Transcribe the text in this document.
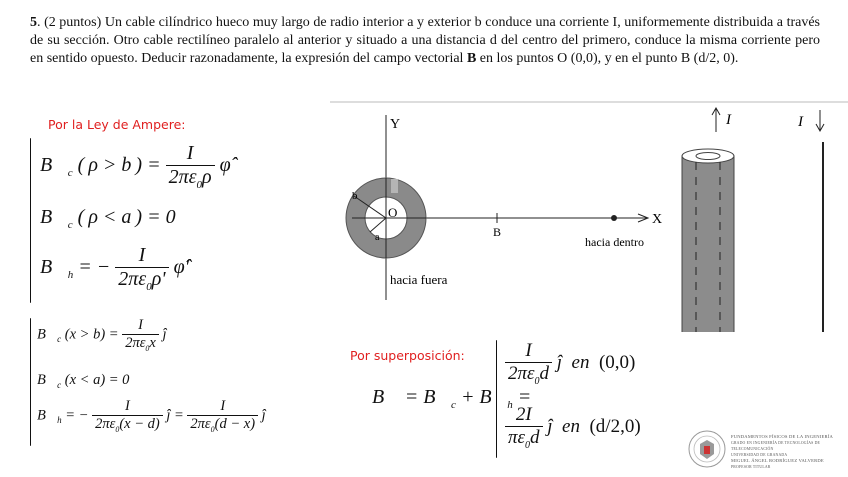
5. (2 puntos) Un cable cilíndrico hueco muy largo de radio interior a y exterior b conduce una corriente I, uniformemente distribuida a través de su sección. Otro cable rectilíneo paralelo al anterior y situado a una distancia d del centro del primero, conduce la misma corriente pero en sentido opuesto. Deducir razonadamente, la expresión del campo vectorial B en los puntos O (0,0), y en el punto B (d/2, 0).
Por la Ley de Ampere:
$B⃗_c$ ( ρ > b ) = $\frac{I}{2\pi\varepsilon_0\rho}$ φ̂
$B⃗_c$ ( ρ < a ) = 0⃗
$B⃗_h$ = − $\frac{I}{2\pi\varepsilon_0\rho'}$ φ̂'
$B⃗_c$ $(x > b) = \frac{I}{2\pi\varepsilon_0x}$ ĵ
$B⃗_c$ (x < a) = 0⃗
$B⃗_h$ = − $\frac{I}{2\pi\varepsilon_0(x - d)}$ ĵ = $\frac{I}{2\pi\varepsilon_0(d - x)}$ ĵ
Por superposición:
B⃗ = $B⃗_c$ + $B⃗_h$ =
$\frac{I}{2\pi\varepsilon_0d}$ ĵ  en  (0,0)
$\frac{2I}{\pi\varepsilon_0d}$ ĵ  en  (d/2,0)
Y
X
b
a
O
B
hacia dentro
hacia fuera
I	I
FUNDAMENTOS FÍSICOS DE LA INGENIERÍA
GRADO EN INGENIERÍA DE TECNOLOGÍAS DE TELECOMUNICACIÓN
UNIVERSIDAD DE GRANADA
MIGUEL ÁNGEL RODRÍGUEZ VALVERDE
PROFESOR TITULAR
